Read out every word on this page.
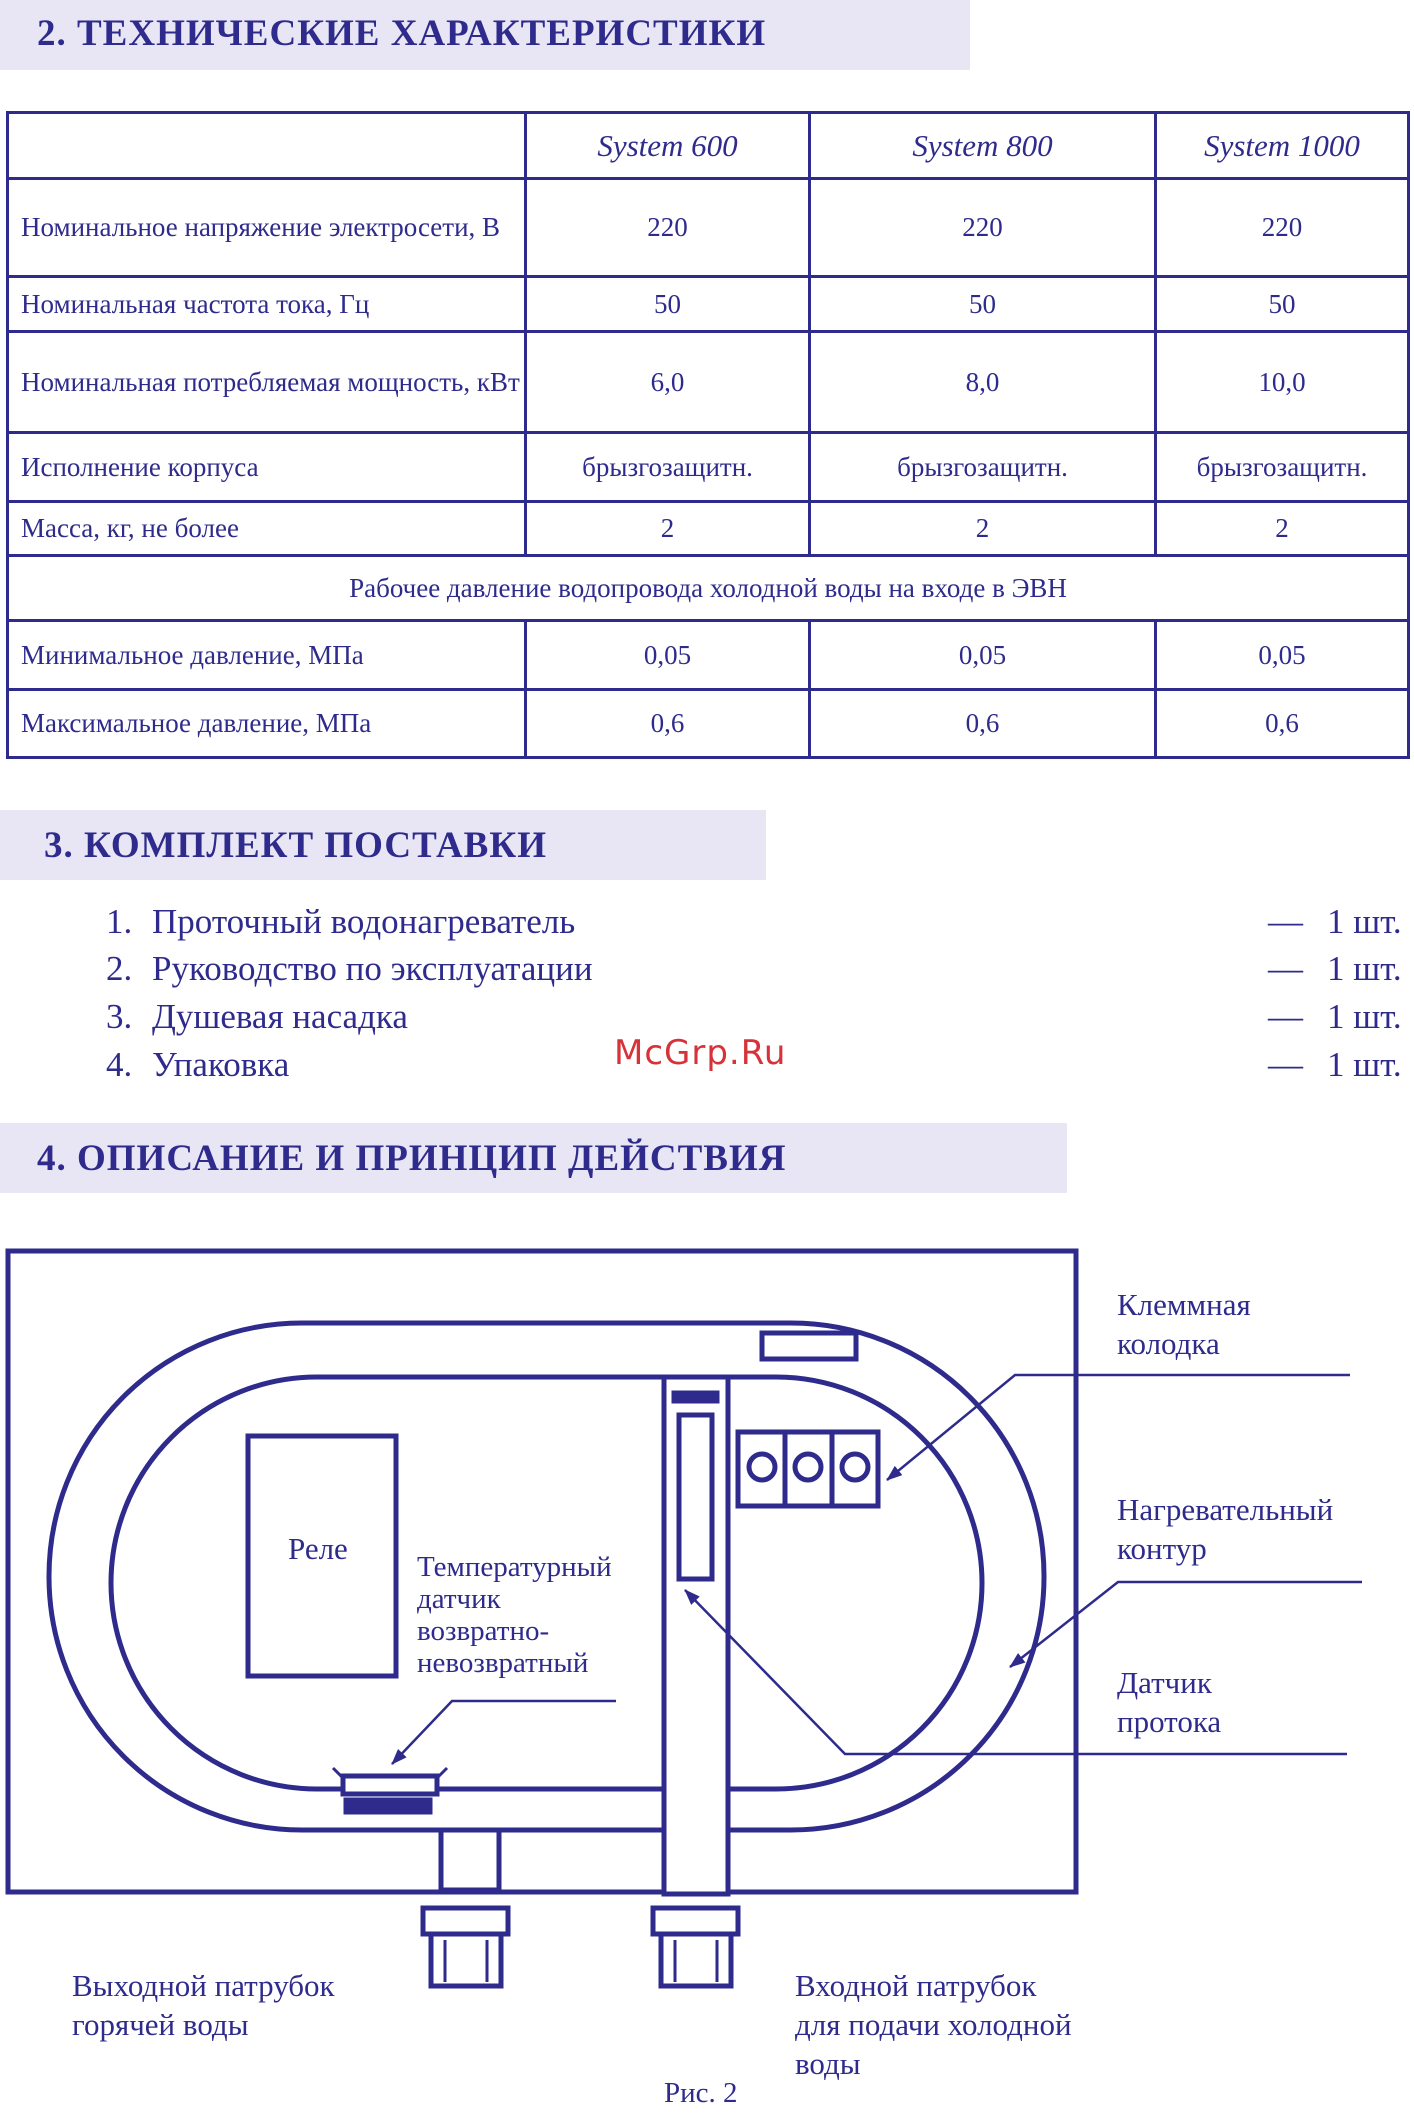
2. ТЕХНИЧЕСКИЕ ХАРАКТЕРИСТИКИ
	System 600	System 800	System 1000
Номинальное напряжение электросети, В	220	220	220
Номинальная частота тока, Гц	50	50	50
Номинальная потребляемая мощность, кВт	6,0	8,0	10,0
Исполнение корпуса	брызгозащитн.	брызгозащитн.	брызгозащитн.
Масса, кг, не более	2	2	2
Рабочее давление водопровода холодной воды на входе в ЭВН			
Минимальное давление, МПа	0,05	0,05	0,05
Максимальное давление, МПа	0,6	0,6	0,6
3. КОМПЛЕКТ ПОСТАВКИ
1. Проточный водонагреватель	— 1 шт.
2. Руководство по эксплуатации	— 1 шт.
3. Душевая насадка	— 1 шт.
4. Упаковка	— 1 шт.
McGrp.Ru
4. ОПИСАНИЕ И ПРИНЦИП ДЕЙСТВИЯ
Реле
Температурный
датчик
возвратно-
невозвратный
Клеммная
колодка
Нагревательный
контур
Датчик
протока
Выходной патрубок
горячей воды
Входной патрубок
для подачи холодной
воды
Рис. 2
